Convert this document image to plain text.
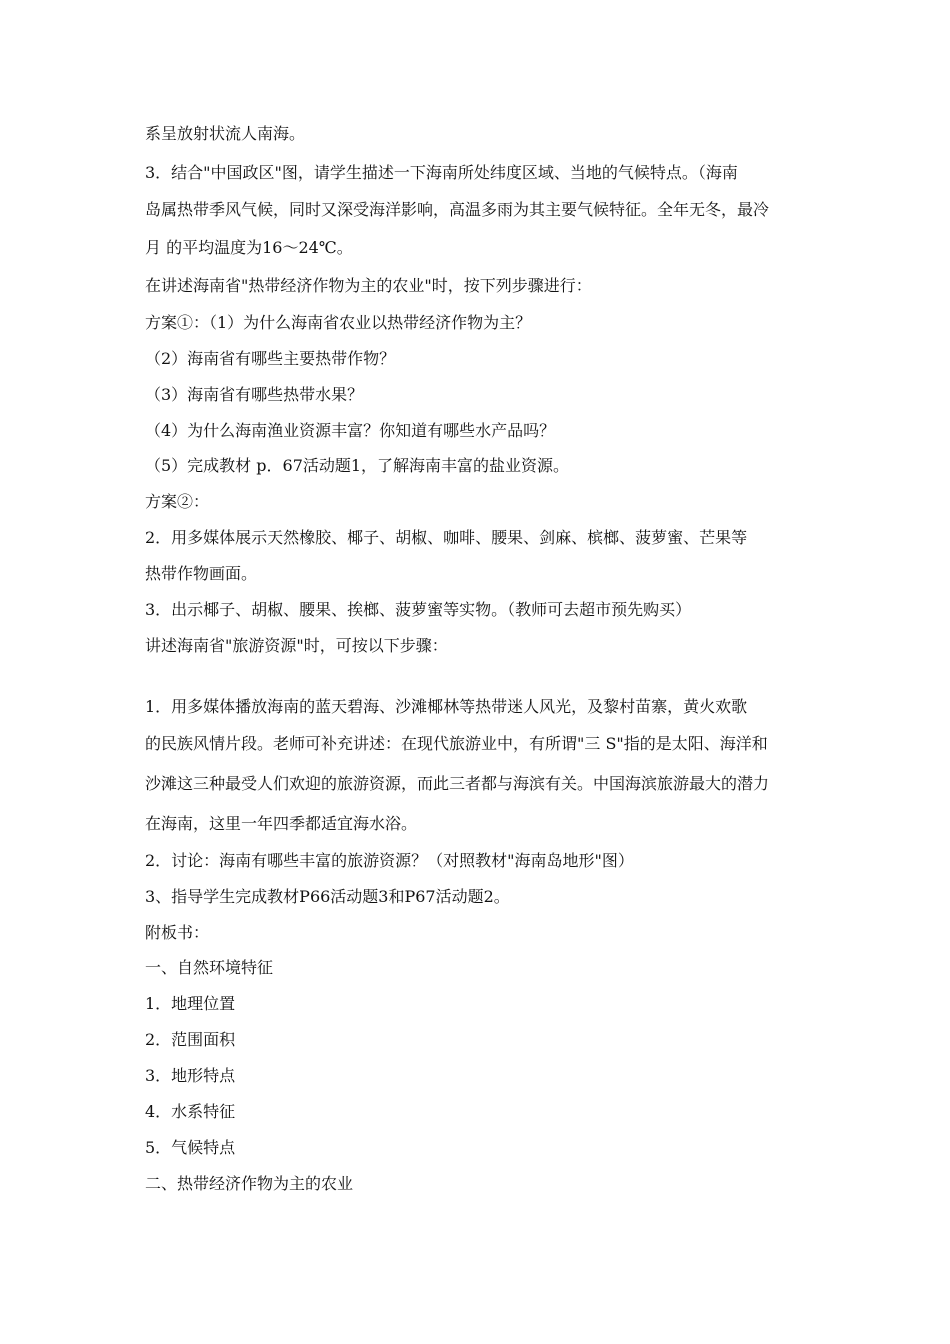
系呈放射状流人南海。
3．结合"中国政区"图，请学生描述一下海南所处纬度区域、当地的气候特点。（海南
岛属热带季风气候，同时又深受海洋影响，高温多雨为其主要气候特征。全年无冬，最冷
月 的平均温度为16～24℃。
在讲述海南省"热带经济作物为主的农业"时，按下列步骤进行：
方案①：（1）为什么海南省农业以热带经济作物为主？
（2）海南省有哪些主要热带作物？
（3）海南省有哪些热带水果？
（4）为什么海南渔业资源丰富？你知道有哪些水产品吗？
（5）完成教材 p．67活动题1，了解海南丰富的盐业资源。
方案②：
2．用多媒体展示天然橡胶、椰子、胡椒、咖啡、腰果、剑麻、槟榔、菠萝蜜、芒果等
热带作物画面。
3．出示椰子、胡椒、腰果、挨榔、菠萝蜜等实物。（教师可去超市预先购买）
讲述海南省"旅游资源"时，可按以下步骤：
1．用多媒体播放海南的蓝天碧海、沙滩椰林等热带迷人风光，及黎村苗寨，黄火欢歌
的民族风情片段。老师可补充讲述：在现代旅游业中，有所谓"三 S"指的是太阳、海洋和
沙滩这三种最受人们欢迎的旅游资源，而此三者都与海滨有关。中国海滨旅游最大的潜力
在海南，这里一年四季都适宜海水浴。
2．讨论：海南有哪些丰富的旅游资源？（对照教材"海南岛地形"图）
3、指导学生完成教材P66活动题3和P67活动题2。
附板书：
一、自然环境特征
1．地理位置
2．范围面积
3．地形特点
4．水系特征
5．气候特点
二、热带经济作物为主的农业
